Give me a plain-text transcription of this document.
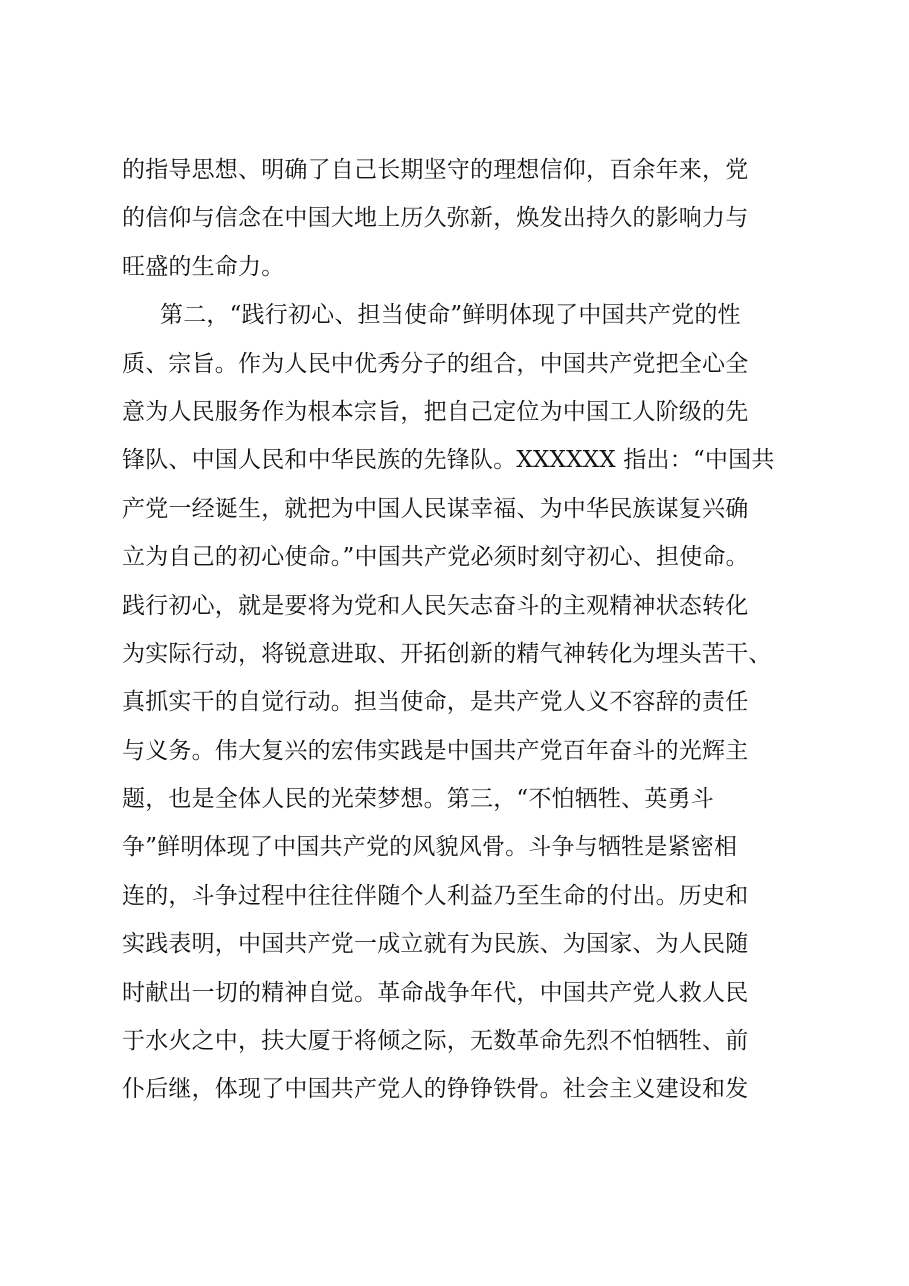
的指导思想、明确了自己长期坚守的理想信仰，百余年来，党
的信仰与信念在中国大地上历久弥新，焕发出持久的影响力与
旺盛的生命力。
第二，“践行初心、担当使命”鲜明体现了中国共产党的性
质、宗旨。作为人民中优秀分子的组合，中国共产党把全心全
意为人民服务作为根本宗旨，把自己定位为中国工人阶级的先
锋队、中国人民和中华民族的先锋队。XXXXXX 指出：“中国共
产党一经诞生，就把为中国人民谋幸福、为中华民族谋复兴确
立为自己的初心使命。”中国共产党必须时刻守初心、担使命。
践行初心，就是要将为党和人民矢志奋斗的主观精神状态转化
为实际行动，将锐意进取、开拓创新的精气神转化为埋头苦干、
真抓实干的自觉行动。担当使命，是共产党人义不容辞的责任
与义务。伟大复兴的宏伟实践是中国共产党百年奋斗的光辉主
题，也是全体人民的光荣梦想。第三，“不怕牺牲、英勇斗
争”鲜明体现了中国共产党的风貌风骨。斗争与牺牲是紧密相
连的，斗争过程中往往伴随个人利益乃至生命的付出。历史和
实践表明，中国共产党一成立就有为民族、为国家、为人民随
时献出一切的精神自觉。革命战争年代，中国共产党人救人民
于水火之中，扶大厦于将倾之际，无数革命先烈不怕牺牲、前
仆后继，体现了中国共产党人的铮铮铁骨。社会主义建设和发
